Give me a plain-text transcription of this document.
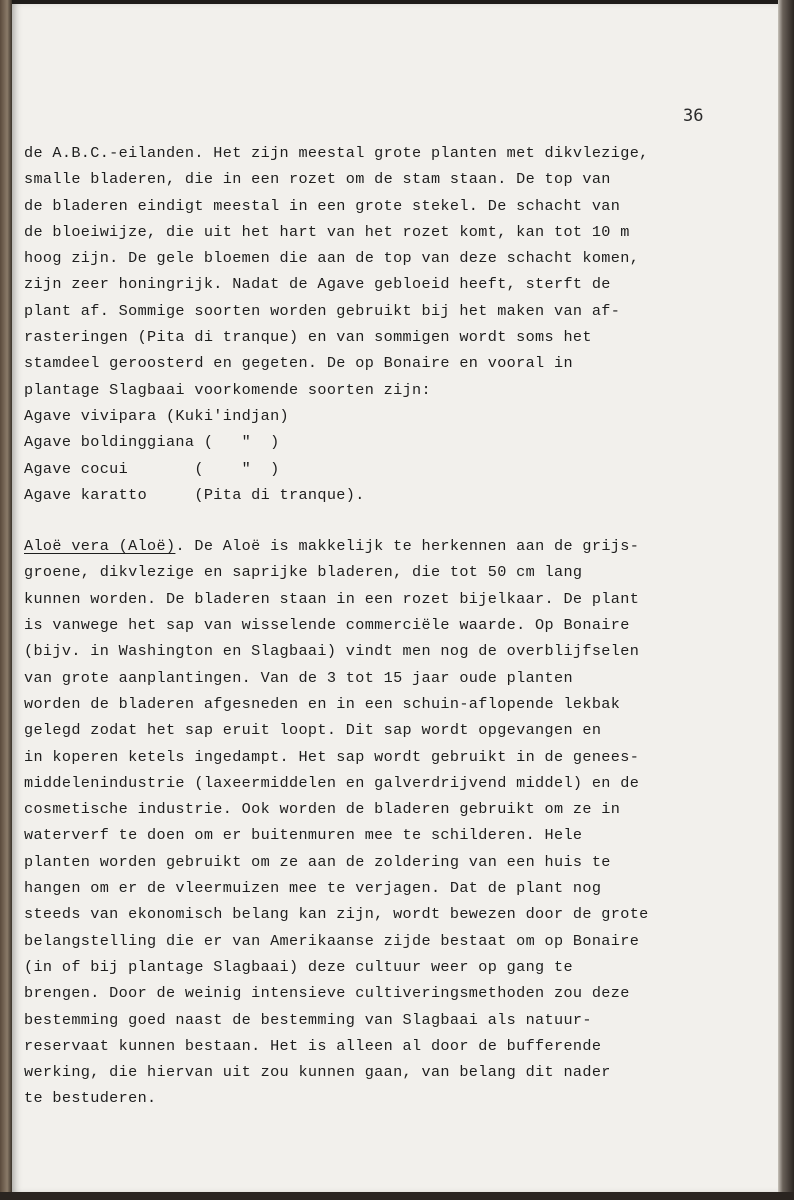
36
de A.B.C.-eilanden. Het zijn meestal grote planten met dikvlezige,
smalle bladeren, die in een rozet om de stam staan. De top van
de bladeren eindigt meestal in een grote stekel. De schacht van
de bloeiwijze, die uit het hart van het rozet komt, kan tot 10 m
hoog zijn. De gele bloemen die aan de top van deze schacht komen,
zijn zeer honingrijk. Nadat de Agave gebloeid heeft, sterft de
plant af. Sommige soorten worden gebruikt bij het maken van af-
rasteringen (Pita di tranque) en van sommigen wordt soms het
stamdeel geroosterd en gegeten. De op Bonaire en vooral in
plantage Slagbaai voorkomende soorten zijn:
Agave vivipara (Kuki'indjan)
Agave boldinggiana (   "  )
Agave cocui       (    "  )
Agave karatto     (Pita di tranque).
Aloë vera (Aloë). De Aloë is makkelijk te herkennen aan de grijs-
groene, dikvlezige en saprijke bladeren, die tot 50 cm lang
kunnen worden. De bladeren staan in een rozet bijelkaar. De plant
is vanwege het sap van wisselende commerciële waarde. Op Bonaire
(bijv. in Washington en Slagbaai) vindt men nog de overblijfselen
van grote aanplantingen. Van de 3 tot 15 jaar oude planten
worden de bladeren afgesneden en in een schuin-aflopende lekbak
gelegd zodat het sap eruit loopt. Dit sap wordt opgevangen en
in koperen ketels ingedampt. Het sap wordt gebruikt in de genees-
middelenindustrie (laxeermiddelen en galverdrijvend middel) en de
cosmetische industrie. Ook worden de bladeren gebruikt om ze in
waterverf te doen om er buitenmuren mee te schilderen. Hele
planten worden gebruikt om ze aan de zoldering van een huis te
hangen om er de vleermuizen mee te verjagen. Dat de plant nog
steeds van ekonomisch belang kan zijn, wordt bewezen door de grote
belangstelling die er van Amerikaanse zijde bestaat om op Bonaire
(in of bij plantage Slagbaai) deze cultuur weer op gang te
brengen. Door de weinig intensieve cultiveringsmethoden zou deze
bestemming goed naast de bestemming van Slagbaai als natuur-
reservaat kunnen bestaan. Het is alleen al door de bufferende
werking, die hiervan uit zou kunnen gaan, van belang dit nader
te bestuderen.
